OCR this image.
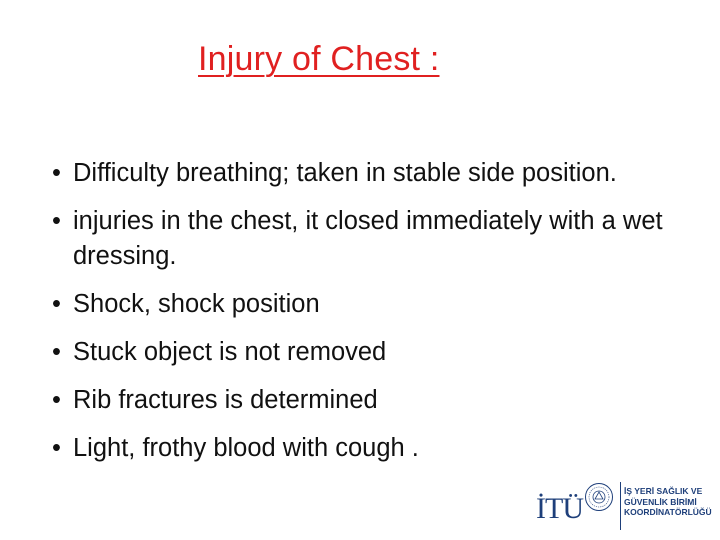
Injury of Chest :
• Difficulty breathing; taken in stable side position.
• injuries in the chest, it closed immediately with a wet dressing.
• Shock, shock position
• Stuck object is not removed
• Rib fractures is determined
• Light, frothy blood with cough .
İTÜ
İŞ YERİ SAĞLIK VE
GÜVENLİK BİRİMİ
KOORDİNATÖRLÜĞÜ
